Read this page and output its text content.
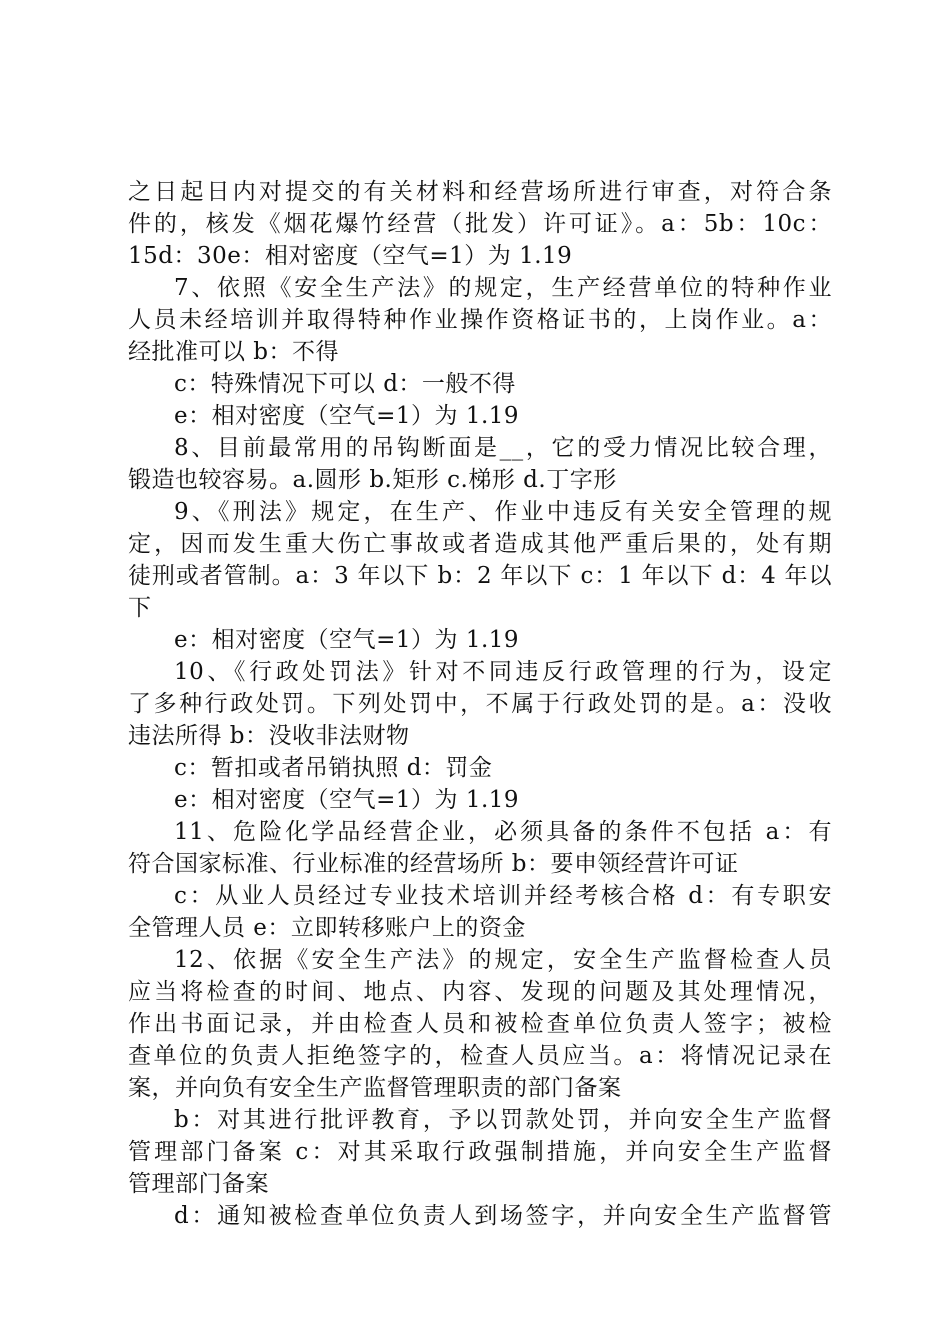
之日起日内对提交的有关材料和经营场所进行审查，对符合条
件的，核发《烟花爆竹经营（批发）许可证》。a：5b：10c：
15d：30e：相对密度（空气=1）为 1.19
7、依照《安全生产法》的规定，生产经营单位的特种作业
人员未经培训并取得特种作业操作资格证书的，上岗作业。a：
经批准可以 b：不得
c：特殊情况下可以 d：一般不得
e：相对密度（空气=1）为 1.19
8、目前最常用的吊钩断面是__，它的受力情况比较合理，
锻造也较容易。a.圆形 b.矩形 c.梯形 d.丁字形
9、《刑法》规定，在生产、作业中违反有关安全管理的规
定，因而发生重大伤亡事故或者造成其他严重后果的，处有期
徒刑或者管制。a：3 年以下 b：2 年以下 c：1 年以下 d：4 年以
下
e：相对密度（空气=1）为 1.19
10、《行政处罚法》针对不同违反行政管理的行为，设定
了多种行政处罚。下列处罚中，不属于行政处罚的是。a：没收
违法所得 b：没收非法财物
c：暂扣或者吊销执照 d：罚金
e：相对密度（空气=1）为 1.19
11、危险化学品经营企业，必须具备的条件不包括 a：有
符合国家标准、行业标准的经营场所 b：要申领经营许可证
c：从业人员经过专业技术培训并经考核合格 d：有专职安
全管理人员 e：立即转移账户上的资金
12、依据《安全生产法》的规定，安全生产监督检查人员
应当将检查的时间、地点、内容、发现的问题及其处理情况，
作出书面记录，并由检查人员和被检查单位负责人签字；被检
查单位的负责人拒绝签字的，检查人员应当。a：将情况记录在
案，并向负有安全生产监督管理职责的部门备案
b：对其进行批评教育，予以罚款处罚，并向安全生产监督
管理部门备案 c：对其采取行政强制措施，并向安全生产监督
管理部门备案
d：通知被检查单位负责人到场签字，并向安全生产监督管
